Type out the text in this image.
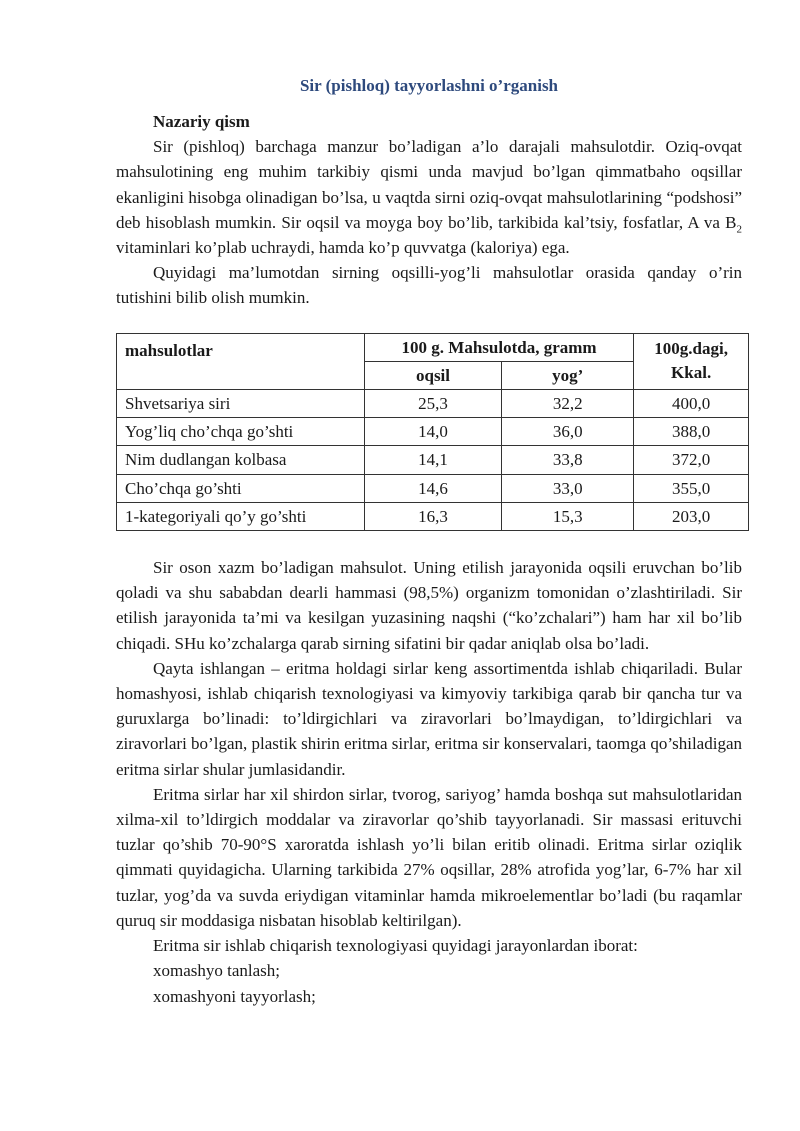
Sir (pishloq) tayyorlashni o’rganish
Nazariy qism

Sir (pishloq) barchaga manzur bo’ladigan a’lo darajali mahsulotdir. Oziq-ovqat mahsulotining eng muhim tarkibiy qismi unda mavjud bo’lgan qimmatbaho oqsillar ekanligini hisobga olinadigan bo’lsa, u vaqtda sirni oziq-ovqat mahsulotlarining “podshosi” deb hisoblash mumkin. Sir oqsil va moyga boy bo’lib, tarkibida kal’tsiy, fosfatlar, A va $B_2$ vitaminlari ko’plab uchraydi, hamda ko’p quvvatga (kaloriya) ega.

Quyidagi ma’lumotdan sirning oqsilli-yog’li mahsulotlar orasida qanday o’rin tutishini bilib olish mumkin.

mahsulotlar	100 g. Mahsulotda, gramm		100g.dagi, Kkal.
	oqsil	yog’	
Shvetsariya siri	25,3	32,2	400,0
Yog’liq cho’chqa go’shti	14,0	36,0	388,0
Nim dudlangan kolbasa	14,1	33,8	372,0
Cho’chqa go’shti	14,6	33,0	355,0
1-kategoriyali qo’y go’shti	16,3	15,3	203,0

Sir oson xazm bo’ladigan mahsulot. Uning etilish jarayonida oqsili eruvchan bo’lib qoladi va shu sababdan dearli hammasi (98,5%) organizm tomonidan o’zlashtiriladi. Sir etilish jarayonida ta’mi va kesilgan yuzasining naqshi (“ko’zchalari”) ham har xil bo’lib chiqadi. SHu ko’zchalarga qarab sirning sifatini bir qadar aniqlab olsa bo’ladi.

Qayta ishlangan – eritma holdagi sirlar keng assortimentda ishlab chiqariladi. Bular homashyosi, ishlab chiqarish texnologiyasi va kimyoviy tarkibiga qarab bir qancha tur va guruxlarga bo’linadi: to’ldirgichlari va ziravorlari bo’lmaydigan, to’ldirgichlari va ziravorlari bo’lgan, plastik shirin eritma sirlar, eritma sir konservalari, taomga qo’shiladigan eritma sirlar shular jumlasidandir.

Eritma sirlar har xil shirdon sirlar, tvorog, sariyog’ hamda boshqa sut mahsulotlaridan xilma-xil to’ldirgich moddalar va ziravorlar qo’shib tayyorlanadi. Sir massasi erituvchi tuzlar qo’shib 70-90°S xaroratda ishlash yo’li bilan eritib olinadi. Eritma sirlar oziqlik qimmati quyidagicha. Ularning tarkibida 27% oqsillar, 28% atrofida yog’lar, 6-7% har xil tuzlar, yog’da va suvda eriydigan vitaminlar hamda mikroelementlar bo’ladi (bu raqamlar quruq sir moddasiga nisbatan hisoblab keltirilgan).

Eritma sir ishlab chiqarish texnologiyasi quyidagi jarayonlardan iborat:

xomashyo tanlash;
xomashyoni tayyorlash;
